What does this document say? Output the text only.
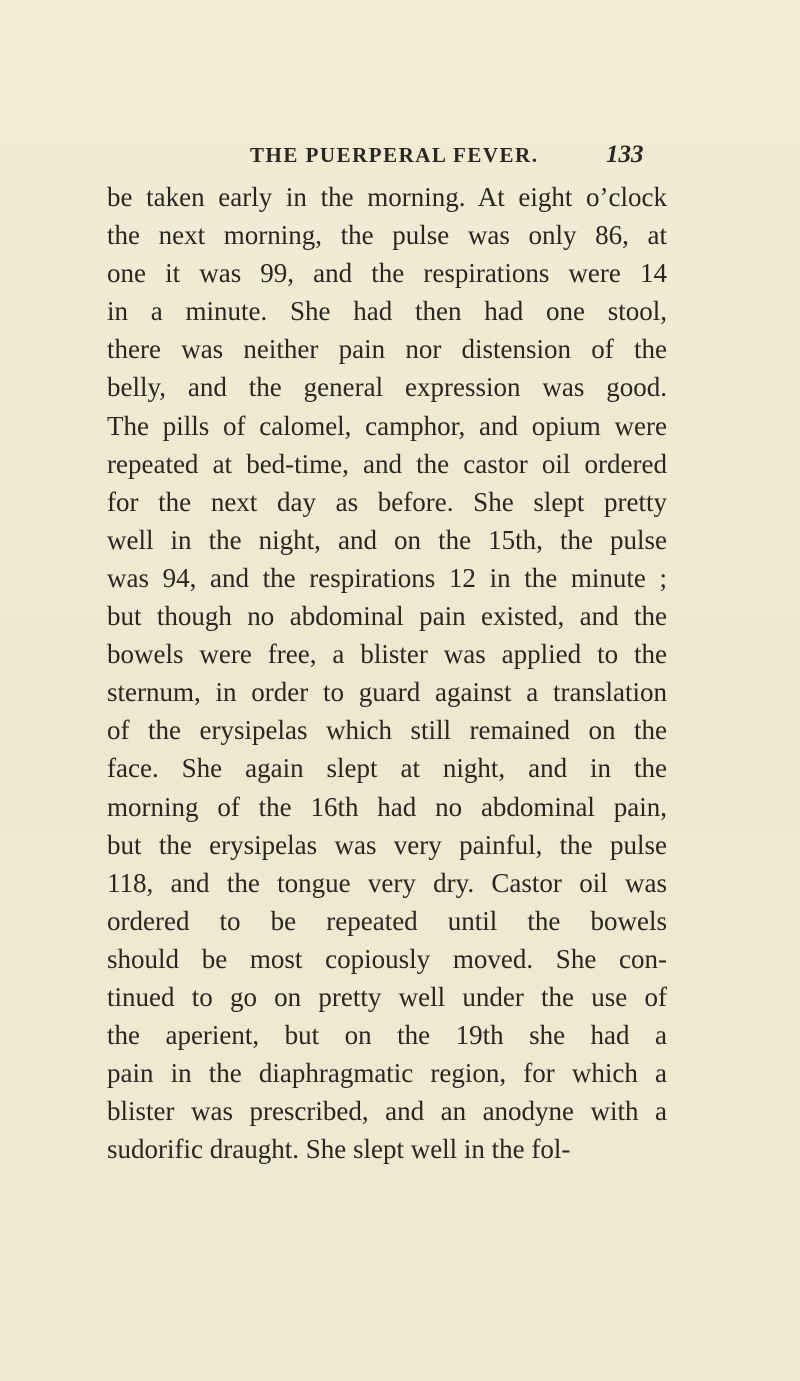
THE PUERPERAL FEVER.	133
be taken early in the morning. At eight o’clock
the next morning, the pulse was only 86, at
one it was 99, and the respirations were 14
in a minute. She had then had one stool,
there was neither pain nor distension of the
belly, and the general expression was good.
The pills of calomel, camphor, and opium were
repeated at bed-time, and the castor oil ordered
for the next day as before. She slept pretty
well in the night, and on the 15th, the pulse
was 94, and the respirations 12 in the minute ;
but though no abdominal pain existed, and the
bowels were free, a blister was applied to the
sternum, in order to guard against a translation
of the erysipelas which still remained on the
face. She again slept at night, and in the
morning of the 16th had no abdominal pain,
but the erysipelas was very painful, the pulse
118, and the tongue very dry. Castor oil was
ordered to be repeated until the bowels
should be most copiously moved. She con-
tinued to go on pretty well under the use of
the aperient, but on the 19th she had a
pain in the diaphragmatic region, for which a
blister was prescribed, and an anodyne with a
sudorific draught. She slept well in the fol-
